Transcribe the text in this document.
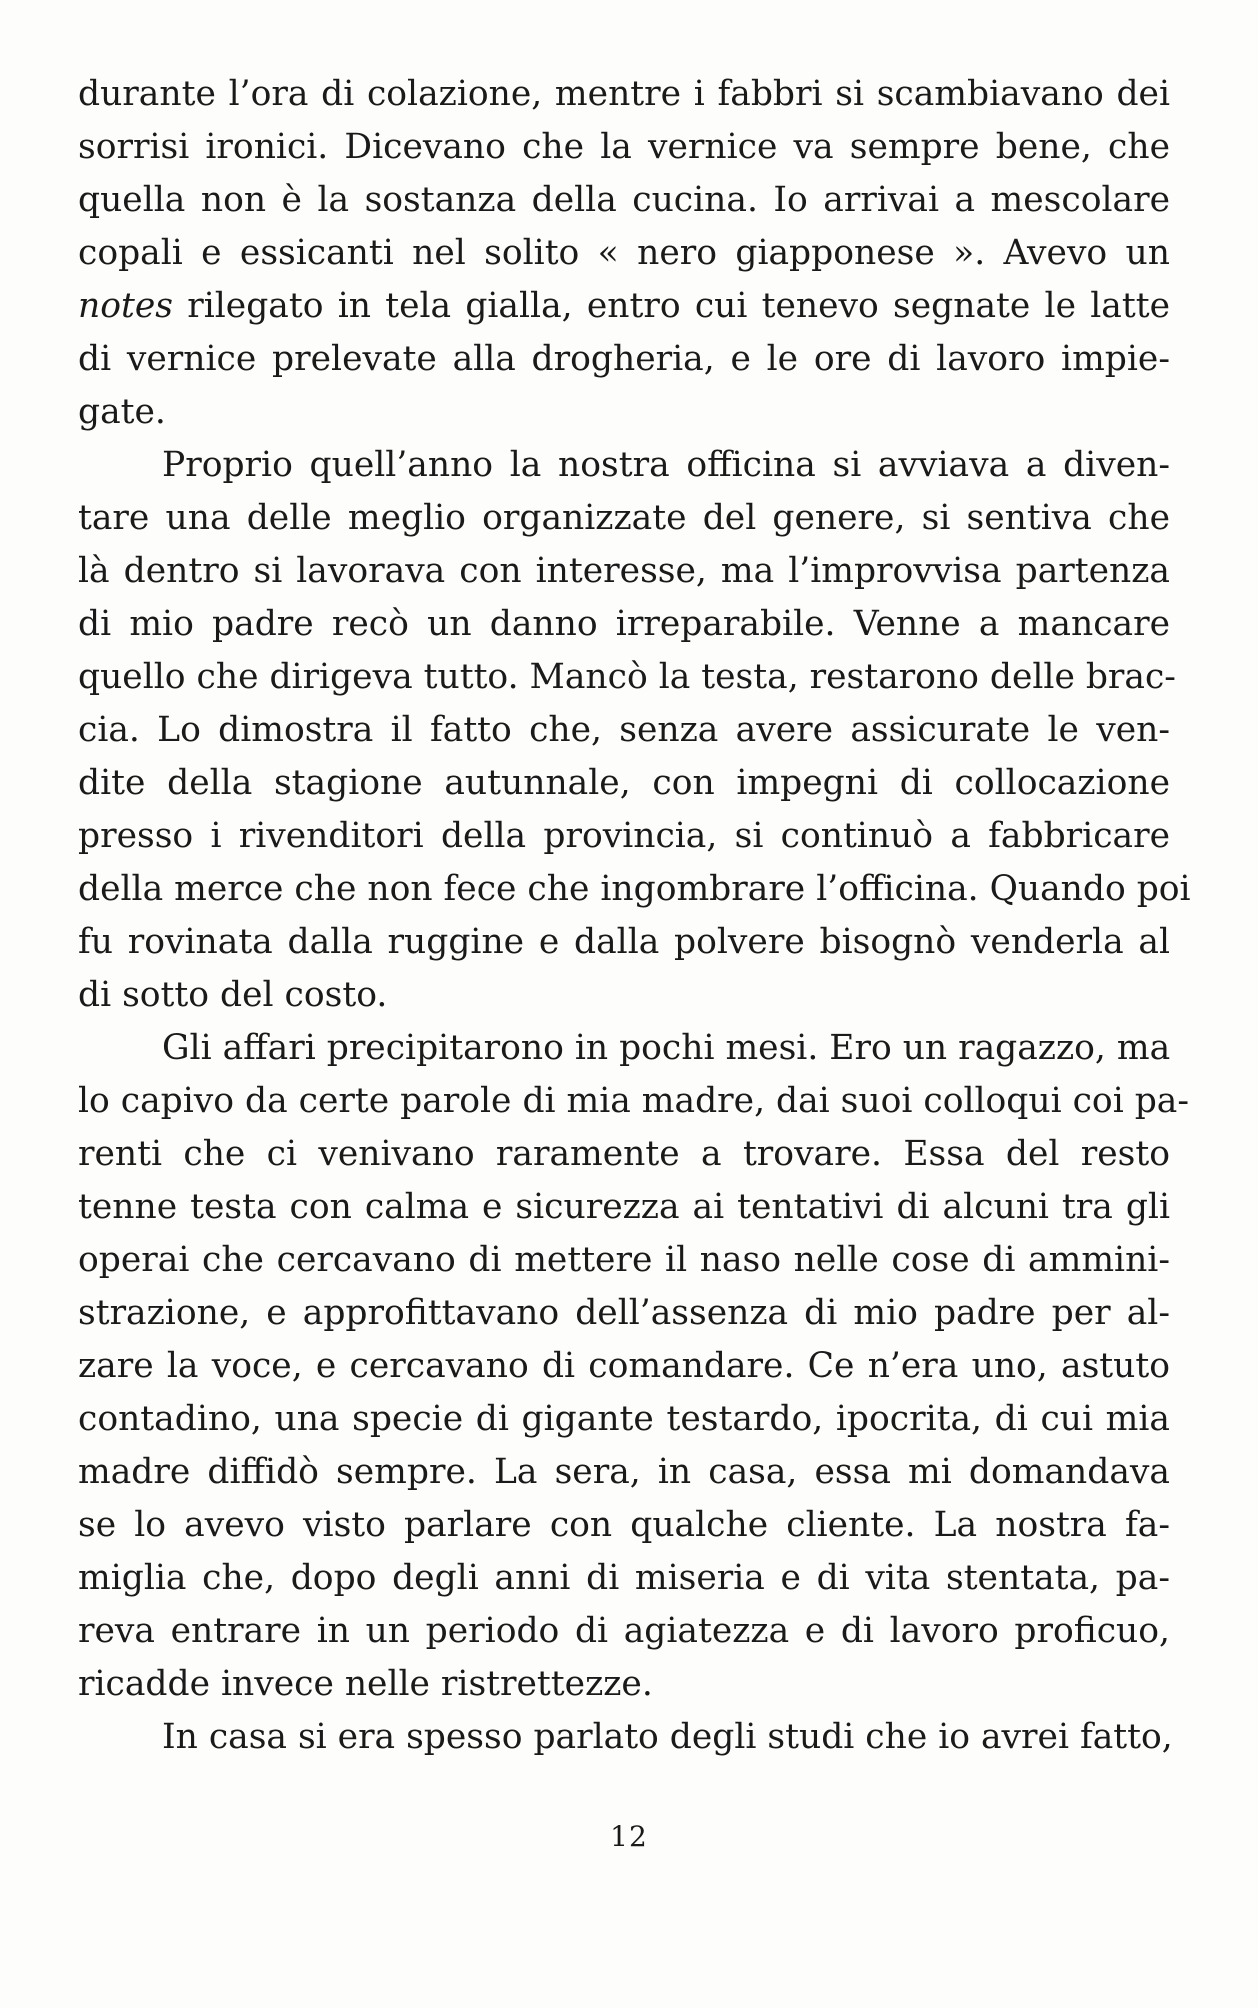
durante l’ora di colazione, mentre i fabbri si scambiavano dei
sorrisi ironici. Dicevano che la vernice va sempre bene, che
quella non è la sostanza della cucina. Io arrivai a mescolare
copali e essicanti nel solito « nero giapponese ». Avevo un
notes rilegato in tela gialla, entro cui tenevo segnate le latte
di vernice prelevate alla drogheria, e le ore di lavoro impie-
gate.
Proprio quell’anno la nostra officina si avviava a diven-
tare una delle meglio organizzate del genere, si sentiva che
là dentro si lavorava con interesse, ma l’improvvisa partenza
di mio padre recò un danno irreparabile. Venne a mancare
quello che dirigeva tutto. Mancò la testa, restarono delle brac-
cia. Lo dimostra il fatto che, senza avere assicurate le ven-
dite della stagione autunnale, con impegni di collocazione
presso i rivenditori della provincia, si continuò a fabbricare
della merce che non fece che ingombrare l’officina. Quando poi
fu rovinata dalla ruggine e dalla polvere bisognò venderla al
di sotto del costo.
Gli affari precipitarono in pochi mesi. Ero un ragazzo, ma
lo capivo da certe parole di mia madre, dai suoi colloqui coi pa-
renti che ci venivano raramente a trovare. Essa del resto
tenne testa con calma e sicurezza ai tentativi di alcuni tra gli
operai che cercavano di mettere il naso nelle cose di ammini-
strazione, e approfittavano dell’assenza di mio padre per al-
zare la voce, e cercavano di comandare. Ce n’era uno, astuto
contadino, una specie di gigante testardo, ipocrita, di cui mia
madre diffidò sempre. La sera, in casa, essa mi domandava
se lo avevo visto parlare con qualche cliente. La nostra fa-
miglia che, dopo degli anni di miseria e di vita stentata, pa-
reva entrare in un periodo di agiatezza e di lavoro proficuo,
ricadde invece nelle ristrettezze.
In casa si era spesso parlato degli studi che io avrei fatto,
12
